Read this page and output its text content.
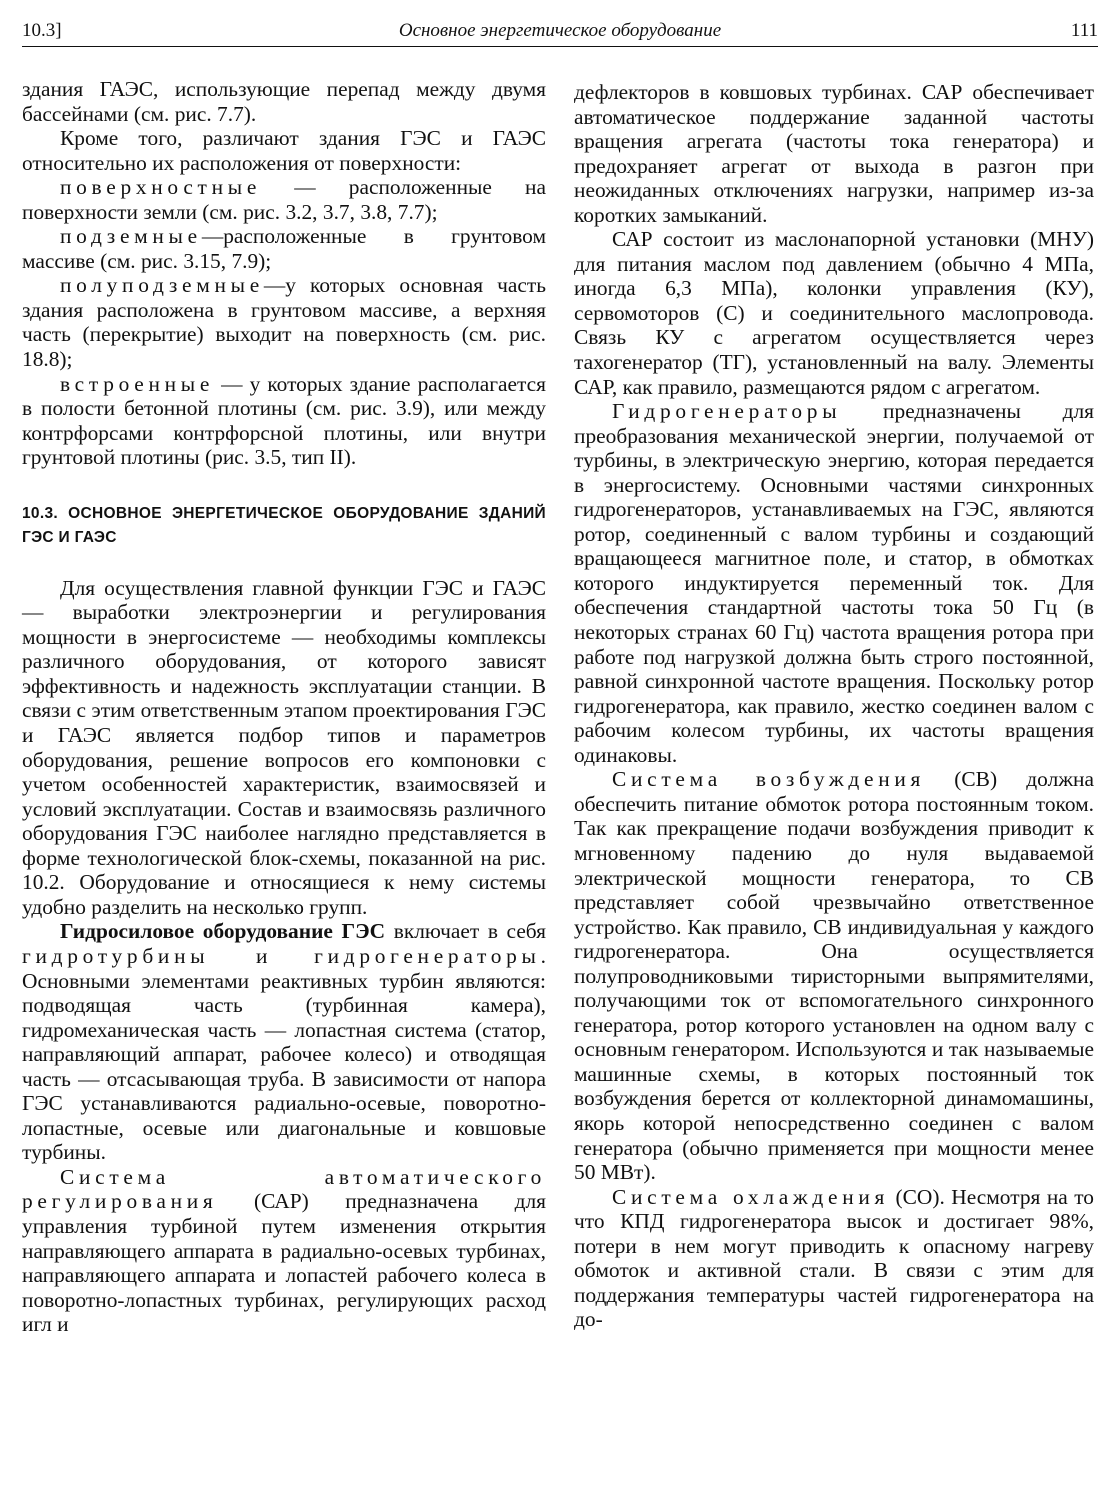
10.3]	Основное энергетическое оборудование	111

здания ГАЭС, использующие перепад между двумя бассейнами (см. рис. 7.7).

Кроме того, различают здания ГЭС и ГАЭС относительно их расположения от поверхности:

поверхностные — расположенные на поверхности земли (см. рис. 3.2, 3.7, 3.8, 7.7);

подземные—расположенные в грунтовом массиве (см. рис. 3.15, 7.9);

полуподземные—у которых основная часть здания расположена в грунтовом массиве, а верхняя часть (перекрытие) выходит на поверхность (см. рис. 18.8);

встроенные — у которых здание располагается в полости бетонной плотины (см. рис. 3.9), или между контрфорсами контрфорсной плотины, или внутри грунтовой плотины (рис. 3.5, тип II).

10.3. ОСНОВНОЕ ЭНЕРГЕТИЧЕСКОЕ ОБОРУДОВАНИЕ ЗДАНИЙ ГЭС И ГАЭС

Для осуществления главной функции ГЭС и ГАЭС — выработки электроэнергии и регулирования мощности в энергосистеме — необходимы комплексы различного оборудования, от которого зависят эффективность и надежность эксплуатации станции. В связи с этим ответственным этапом проектирования ГЭС и ГАЭС является подбор типов и параметров оборудования, решение вопросов его компоновки с учетом особенностей характеристик, взаимосвязей и условий эксплуатации. Состав и взаимосвязь различного оборудования ГЭС наиболее наглядно представляется в форме технологической блок-схемы, показанной на рис. 10.2. Оборудование и относящиеся к нему системы удобно разделить на несколько групп.

Гидросиловое оборудование ГЭС включает в себя гидротурбины и гидрогенераторы. Основными элементами реактивных турбин являются: подводящая часть (турбинная камера), гидромеханическая часть — лопастная система (статор, направляющий аппарат, рабочее колесо) и отводящая часть — отсасывающая труба. В зависимости от напора ГЭС устанавливаются радиально-осевые, поворотно-лопастные, осевые или диагональные и ковшовые турбины.

Система автоматического регулирования (САР) предназначена для управления турбиной путем изменения открытия направляющего аппарата в радиально-осевых турбинах, направляющего аппарата и лопастей рабочего колеса в поворотно-лопастных турбинах, регулирующих расход игл и

дефлекторов в ковшовых турбинах. САР обеспечивает автоматическое поддержание заданной частоты вращения агрегата (частоты тока генератора) и предохраняет агрегат от выхода в разгон при неожиданных отключениях нагрузки, например из-за коротких замыканий.

САР состоит из маслонапорной установки (МНУ) для питания маслом под давлением (обычно 4 МПа, иногда 6,3 МПа), колонки управления (КУ), сервомоторов (С) и соединительного маслопровода. Связь КУ с агрегатом осуществляется через тахогенератор (ТГ), установленный на валу. Элементы САР, как правило, размещаются рядом с агрегатом.

Гидрогенераторы предназначены для преобразования механической энергии, получаемой от турбины, в электрическую энергию, которая передается в энергосистему. Основными частями синхронных гидрогенераторов, устанавливаемых на ГЭС, являются ротор, соединенный с валом турбины и создающий вращающееся магнитное поле, и статор, в обмотках которого индуктируется переменный ток. Для обеспечения стандартной частоты тока 50 Гц (в некоторых странах 60 Гц) частота вращения ротора при работе под нагрузкой должна быть строго постоянной, равной синхронной частоте вращения. Поскольку ротор гидрогенератора, как правило, жестко соединен валом с рабочим колесом турбины, их частоты вращения одинаковы.

Система возбуждения (СВ) должна обеспечить питание обмоток ротора постоянным током. Так как прекращение подачи возбуждения приводит к мгновенному падению до нуля выдаваемой электрической мощности генератора, то СВ представляет собой чрезвычайно ответственное устройство. Как правило, СВ индивидуальная у каждого гидрогенератора. Она осуществляется полупроводниковыми тиристорными выпрямителями, получающими ток от вспомогательного синхронного генератора, ротор которого установлен на одном валу с основным генератором. Используются и так называемые машинные схемы, в которых постоянный ток возбуждения берется от коллекторной динамомашины, якорь которой непосредственно соединен с валом генератора (обычно применяется при мощности менее 50 МВт).

Система охлаждения (СО). Несмотря на то что КПД гидрогенератора высок и достигает 98%, потери в нем могут приводить к опасному нагреву обмоток и активной стали. В связи с этим для поддержания температуры частей гидрогенератора на до-
